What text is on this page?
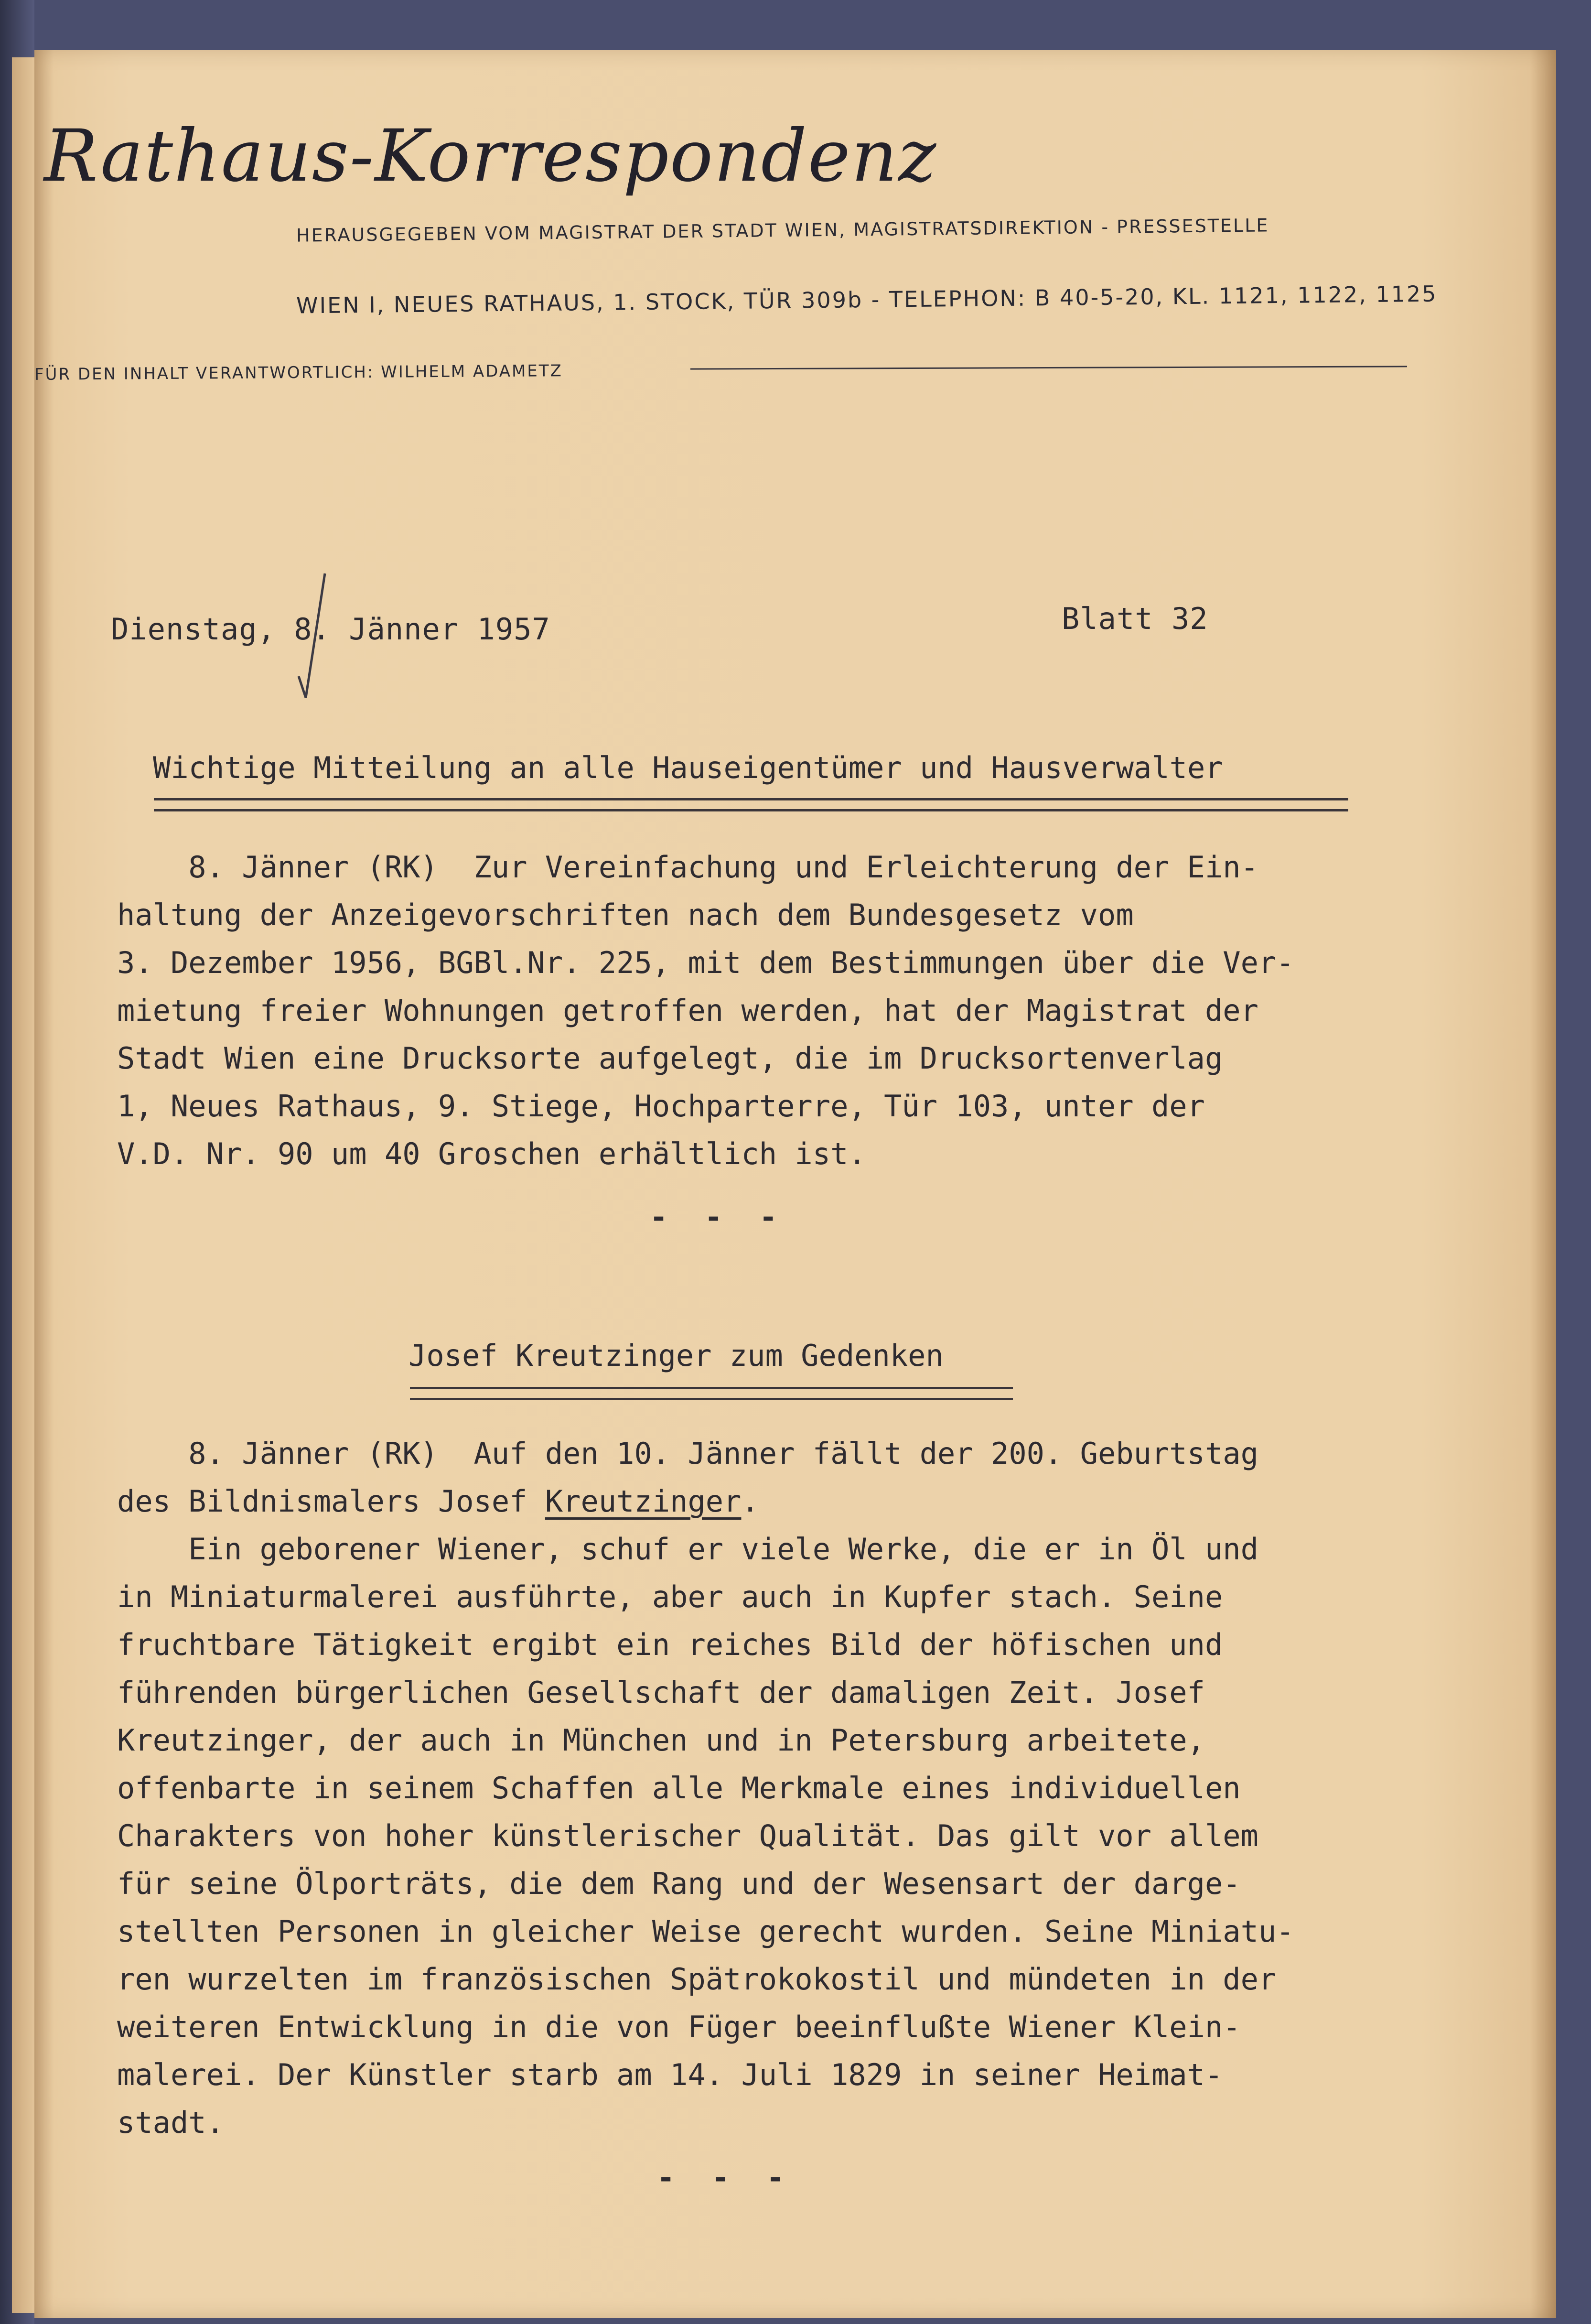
Rathaus-Korrespondenz
HERAUSGEGEBEN VOM MAGISTRAT DER STADT WIEN, MAGISTRATSDIREKTION - PRESSESTELLE
WIEN I, NEUES RATHAUS, 1. STOCK, TÜR 309b - TELEPHON: B 40-5-20, KL. 1121, 1122, 1125
FÜR DEN INHALT VERANTWORTLICH: WILHELM ADAMETZ
Dienstag, 8. Jänner 1957	Blatt 32
Wichtige Mitteilung an alle Hauseigentümer und Hausverwalter
8. Jänner (RK)  Zur Vereinfachung und Erleichterung der Ein-
haltung der Anzeigevorschriften nach dem Bundesgesetz vom
3. Dezember 1956, BGBl.Nr. 225, mit dem Bestimmungen über die Ver-
mietung freier Wohnungen getroffen werden, hat der Magistrat der
Stadt Wien eine Drucksorte aufgelegt, die im Drucksortenverlag
1, Neues Rathaus, 9. Stiege, Hochparterre, Tür 103, unter der
V.D. Nr. 90 um 40 Groschen erhältlich ist.
- - -
Josef Kreutzinger zum Gedenken
8. Jänner (RK)  Auf den 10. Jänner fällt der 200. Geburtstag
des Bildnismalers Josef Kreutzinger.
Ein geborener Wiener, schuf er viele Werke, die er in Öl und
in Miniaturmalerei ausführte, aber auch in Kupfer stach. Seine
fruchtbare Tätigkeit ergibt ein reiches Bild der höfischen und
führenden bürgerlichen Gesellschaft der damaligen Zeit. Josef
Kreutzinger, der auch in München und in Petersburg arbeitete,
offenbarte in seinem Schaffen alle Merkmale eines individuellen
Charakters von hoher künstlerischer Qualität. Das gilt vor allem
für seine Ölporträts, die dem Rang und der Wesensart der darge-
stellten Personen in gleicher Weise gerecht wurden. Seine Miniatu-
ren wurzelten im französischen Spätrokokostil und mündeten in der
weiteren Entwicklung in die von Füger beeinflußte Wiener Klein-
malerei. Der Künstler starb am 14. Juli 1829 in seiner Heimat-
stadt.
- - -
